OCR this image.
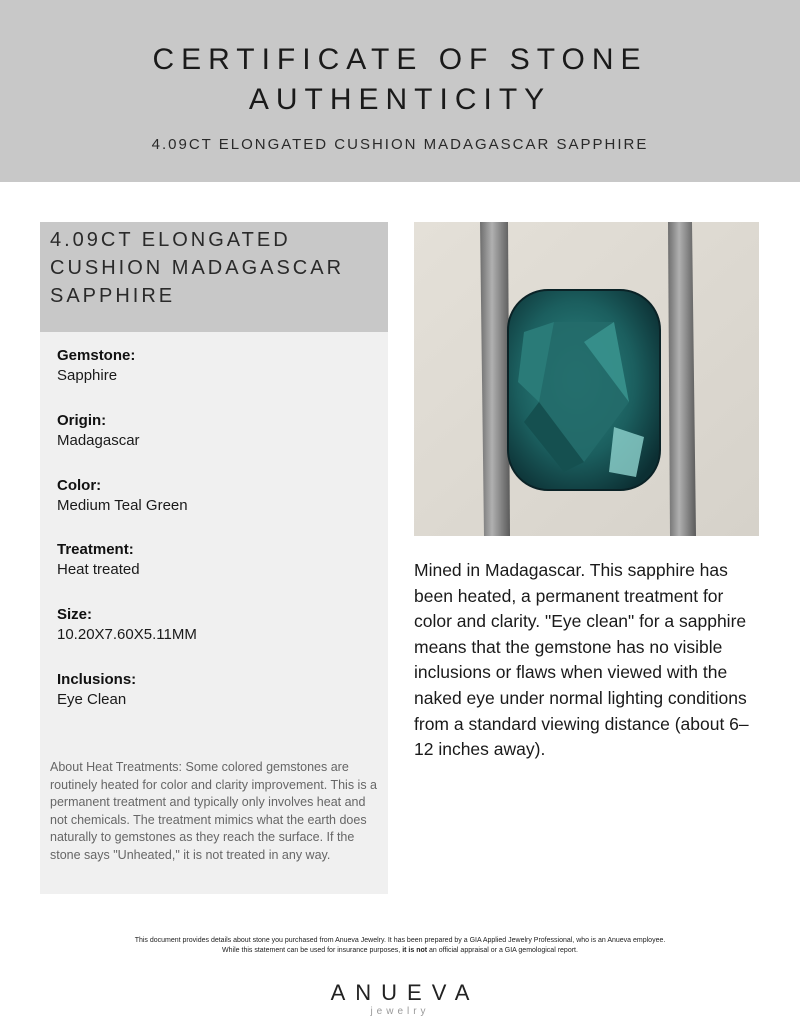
CERTIFICATE OF STONE
AUTHENTICITY
4.09CT ELONGATED CUSHION MADAGASCAR SAPPHIRE
4.09CT ELONGATED
CUSHION MADAGASCAR
SAPPHIRE
Gemstone:
Sapphire
Origin:
Madagascar
Color:
Medium Teal Green
Treatment:
Heat treated
Size:
10.20X7.60X5.11MM
Inclusions:
Eye Clean

About Heat Treatments: Some colored gemstones are routinely heated for color and clarity improvement. This is a permanent treatment and typically only involves heat and not chemicals. The treatment mimics what the earth does naturally to gemstones as they reach the surface. If the stone says "Unheated," it is not treated in any way.

Mined in Madagascar. This sapphire has been heated, a permanent treatment for color and clarity. "Eye clean" for a sapphire means that the gemstone has no visible inclusions or flaws when viewed with the naked eye under normal lighting conditions from a standard viewing distance (about 6–12 inches away).

This document provides details about stone you purchased from Anueva Jewelry. It has been prepared by a GIA Applied Jewelry Professional, who is an Anueva employee.
While this statement can be used for insurance purposes, it is not an official appraisal or a GIA gemological report.
ANUEVA
jewelry
